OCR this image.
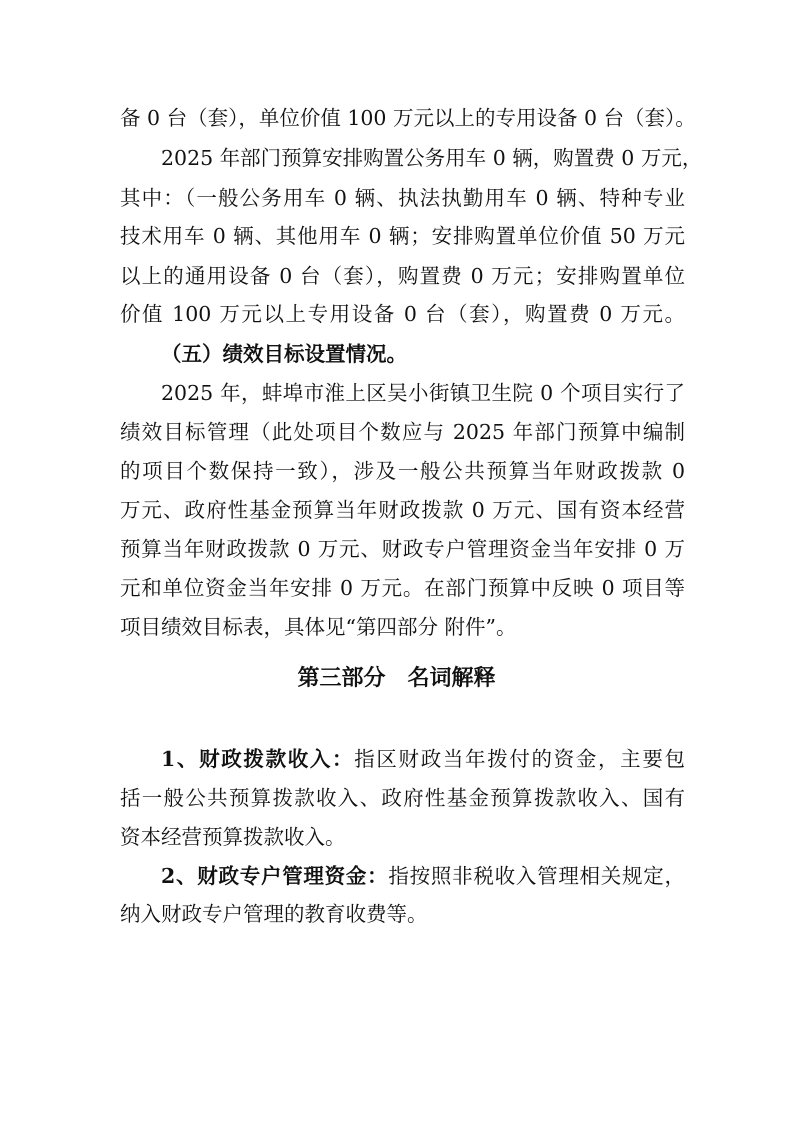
备 0 台（套），单位价值 100 万元以上的专用设备 0 台（套）。
2025 年部门预算安排购置公务用车 0 辆，购置费 0 万元，
其中：（一般公务用车 0 辆、执法执勤用车 0 辆、特种专业
技术用车 0 辆、其他用车 0 辆；安排购置单位价值 50 万元
以上的通用设备 0 台（套），购置费 0 万元；安排购置单位
价值 100 万元以上专用设备 0 台（套），购置费 0 万元。
（五）绩效目标设置情况。
2025 年，蚌埠市淮上区吴小街镇卫生院 0 个项目实行了
绩效目标管理（此处项目个数应与 2025 年部门预算中编制
的项目个数保持一致），涉及一般公共预算当年财政拨款 0
万元、政府性基金预算当年财政拨款 0 万元、国有资本经营
预算当年财政拨款 0 万元、财政专户管理资金当年安排 0 万
元和单位资金当年安排 0 万元。在部门预算中反映 0 项目等
项目绩效目标表，具体见“第四部分 附件”。
第三部分　名词解释
1、财政拨款收入：指区财政当年拨付的资金，主要包
括一般公共预算拨款收入、政府性基金预算拨款收入、国有
资本经营预算拨款收入。
2、财政专户管理资金：指按照非税收入管理相关规定，
纳入财政专户管理的教育收费等。
